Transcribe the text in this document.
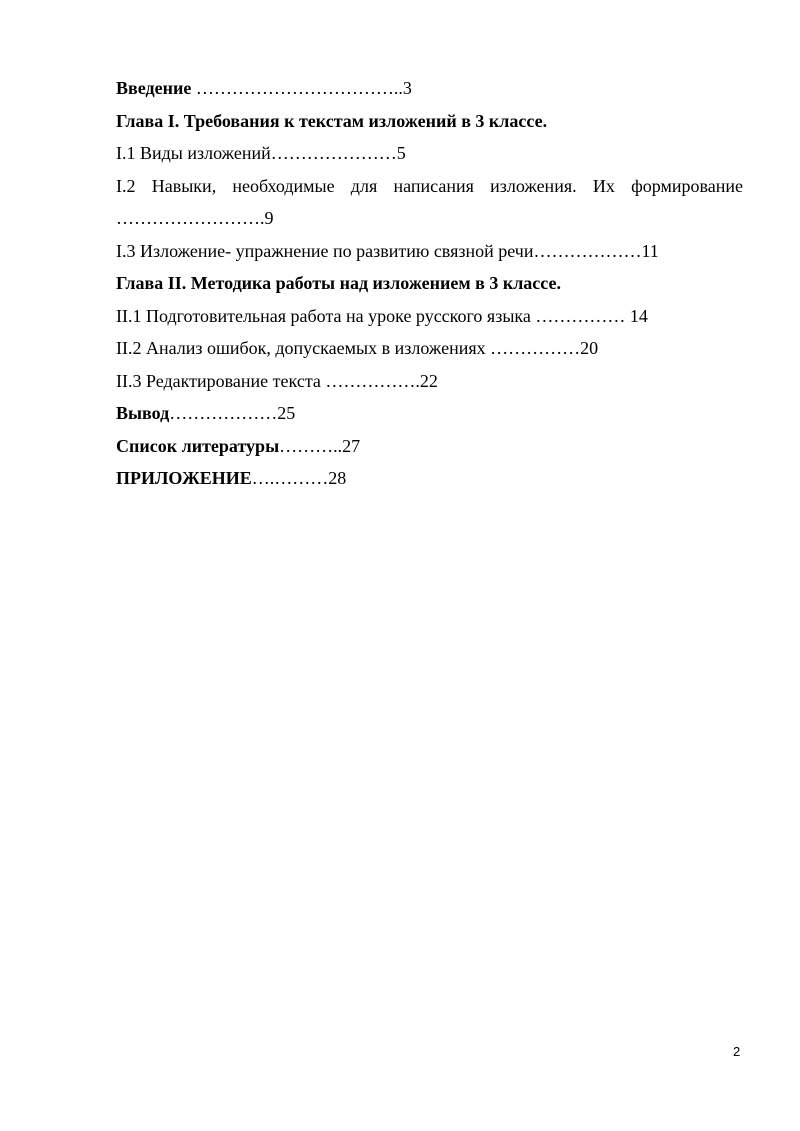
Введение ……………………………..3
Глава I. Требования к текстам изложений в 3 классе.
I.1 Виды изложений…………………5
I.2 Навыки, необходимые для написания изложения. Их формирование
…………………….9
I.3 Изложение- упражнение по развитию связной речи………………11
Глава II. Методика работы над изложением в 3 классе.
II.1 Подготовительная работа на уроке русского языка …………… 14
II.2 Анализ ошибок, допускаемых в изложениях ……………20
II.3 Редактирование текста …………….22
Вывод………………25
Список литературы………..27
ПРИЛОЖЕНИЕ….………28
2
